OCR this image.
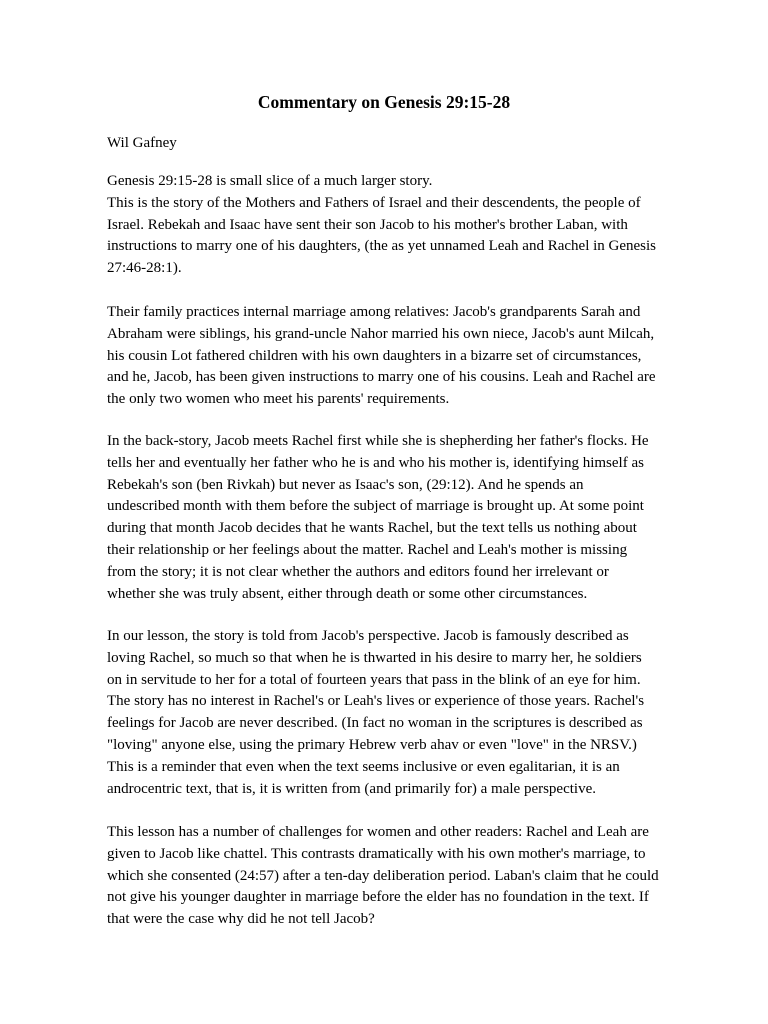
Commentary on Genesis 29:15-28

Wil Gafney

Genesis 29:15-28 is small slice of a much larger story.
This is the story of the Mothers and Fathers of Israel and their descendents, the people of
Israel. Rebekah and Isaac have sent their son Jacob to his mother's brother Laban, with
instructions to marry one of his daughters, (the as yet unnamed Leah and Rachel in Genesis
27:46-28:1).
Their family practices internal marriage among relatives: Jacob's grandparents Sarah and
Abraham were siblings, his grand-uncle Nahor married his own niece, Jacob's aunt Milcah,
his cousin Lot fathered children with his own daughters in a bizarre set of circumstances,
and he, Jacob, has been given instructions to marry one of his cousins. Leah and Rachel are
the only two women who meet his parents' requirements.
In the back-story, Jacob meets Rachel first while she is shepherding her father's flocks. He
tells her and eventually her father who he is and who his mother is, identifying himself as
Rebekah's son (ben Rivkah) but never as Isaac's son, (29:12). And he spends an
undescribed month with them before the subject of marriage is brought up. At some point
during that month Jacob decides that he wants Rachel, but the text tells us nothing about
their relationship or her feelings about the matter. Rachel and Leah's mother is missing
from the story; it is not clear whether the authors and editors found her irrelevant or
whether she was truly absent, either through death or some other circumstances.
In our lesson, the story is told from Jacob's perspective. Jacob is famously described as
loving Rachel, so much so that when he is thwarted in his desire to marry her, he soldiers
on in servitude to her for a total of fourteen years that pass in the blink of an eye for him.
The story has no interest in Rachel's or Leah's lives or experience of those years. Rachel's
feelings for Jacob are never described. (In fact no woman in the scriptures is described as
"loving" anyone else, using the primary Hebrew verb ahav or even "love" in the NRSV.)
This is a reminder that even when the text seems inclusive or even egalitarian, it is an
androcentric text, that is, it is written from (and primarily for) a male perspective.
This lesson has a number of challenges for women and other readers: Rachel and Leah are
given to Jacob like chattel. This contrasts dramatically with his own mother's marriage, to
which she consented (24:57) after a ten-day deliberation period. Laban's claim that he could
not give his younger daughter in marriage before the elder has no foundation in the text. If
that were the case why did he not tell Jacob?
